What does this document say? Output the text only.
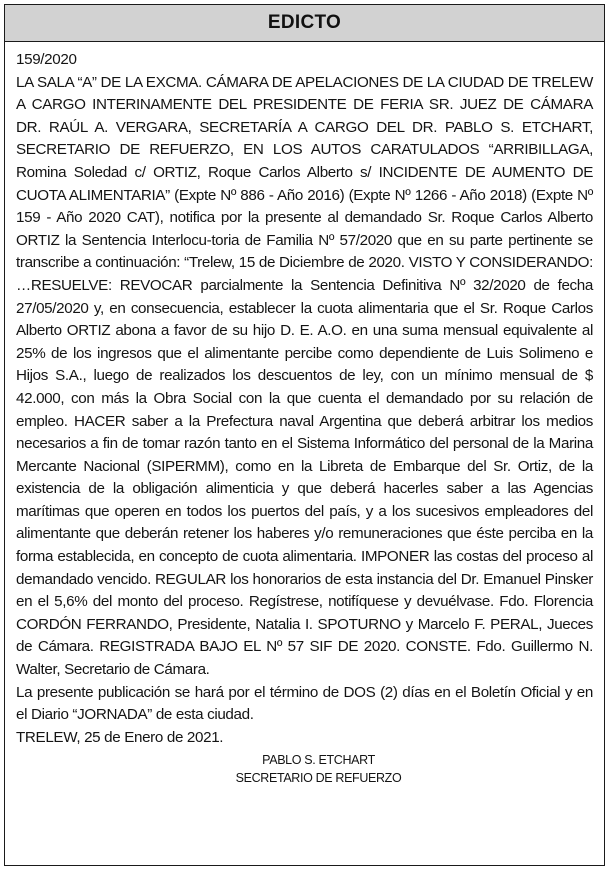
EDICTO

159/2020

LA SALA “A” DE LA EXCMA. CÁMARA DE APELACIONES DE LA CIUDAD DE TRELEW A CARGO INTERINAMENTE DEL PRESIDENTE DE FERIA SR. JUEZ DE CÁMARA DR. RAÚL A. VERGARA, SECRETARÍA A CARGO DEL DR. PABLO S. ETCHART, SECRETARIO DE REFUERZO, EN LOS AUTOS CARATULADOS “ARRIBILLAGA, Romina Soledad c/ ORTIZ, Roque Carlos Alberto s/ INCIDENTE DE AUMENTO DE CUOTA ALIMENTARIA” (Expte Nº 886 - Año 2016) (Expte Nº 1266 - Año 2018) (Expte Nº 159 - Año 2020 CAT), notifica por la presente al demandado Sr. Roque Carlos Alberto ORTIZ la Sentencia Interlocu-toria de Familia Nº 57/2020 que en su parte pertinente se transcribe a continuación: “Trelew, 15 de Diciembre de 2020. VISTO Y CONSIDERANDO: …RESUELVE: REVOCAR parcialmente la Sentencia Definitiva Nº 32/2020 de fecha 27/05/2020 y, en consecuencia, establecer la cuota alimentaria que el Sr. Roque Carlos Alberto ORTIZ abona a favor de su hijo D. E. A.O. en una suma mensual equivalente al 25% de los ingresos que el alimentante percibe como dependiente de Luis Solimeno e Hijos S.A., luego de realizados los descuentos de ley, con un mínimo mensual de $ 42.000, con más la Obra Social con la que cuenta el demandado por su relación de empleo. HACER saber a la Prefectura naval Argentina que deberá arbitrar los medios necesarios a fin de tomar razón tanto en el Sistema Informático del personal de la Marina Mercante Nacional (SIPERMM), como en la Libreta de Embarque del Sr. Ortiz, de la existencia de la obligación alimenticia y que deberá hacerles saber a las Agencias marítimas que operen en todos los puertos del país, y a los sucesivos empleadores del alimentante que deberán retener los haberes y/o remuneraciones que éste perciba en la forma establecida, en concepto de cuota alimentaria. IMPONER las costas del proceso al demandado vencido. REGULAR los honorarios de esta instancia del Dr. Emanuel Pinsker en el 5,6% del monto del proceso. Regístrese, notifíquese y devuélvase. Fdo. Florencia CORDÓN FERRANDO, Presidente, Natalia I. SPOTURNO y Marcelo F. PERAL, Jueces de Cámara. REGISTRADA BAJO EL Nº 57 SIF DE 2020. CONSTE. Fdo. Guillermo N. Walter, Secretario de Cámara.

La presente publicación se hará por el término de DOS (2) días en el Boletín Oficial y en el Diario “JORNADA” de esta ciudad.

TRELEW, 25 de Enero de 2021.

PABLO S. ETCHART
SECRETARIO DE REFUERZO
